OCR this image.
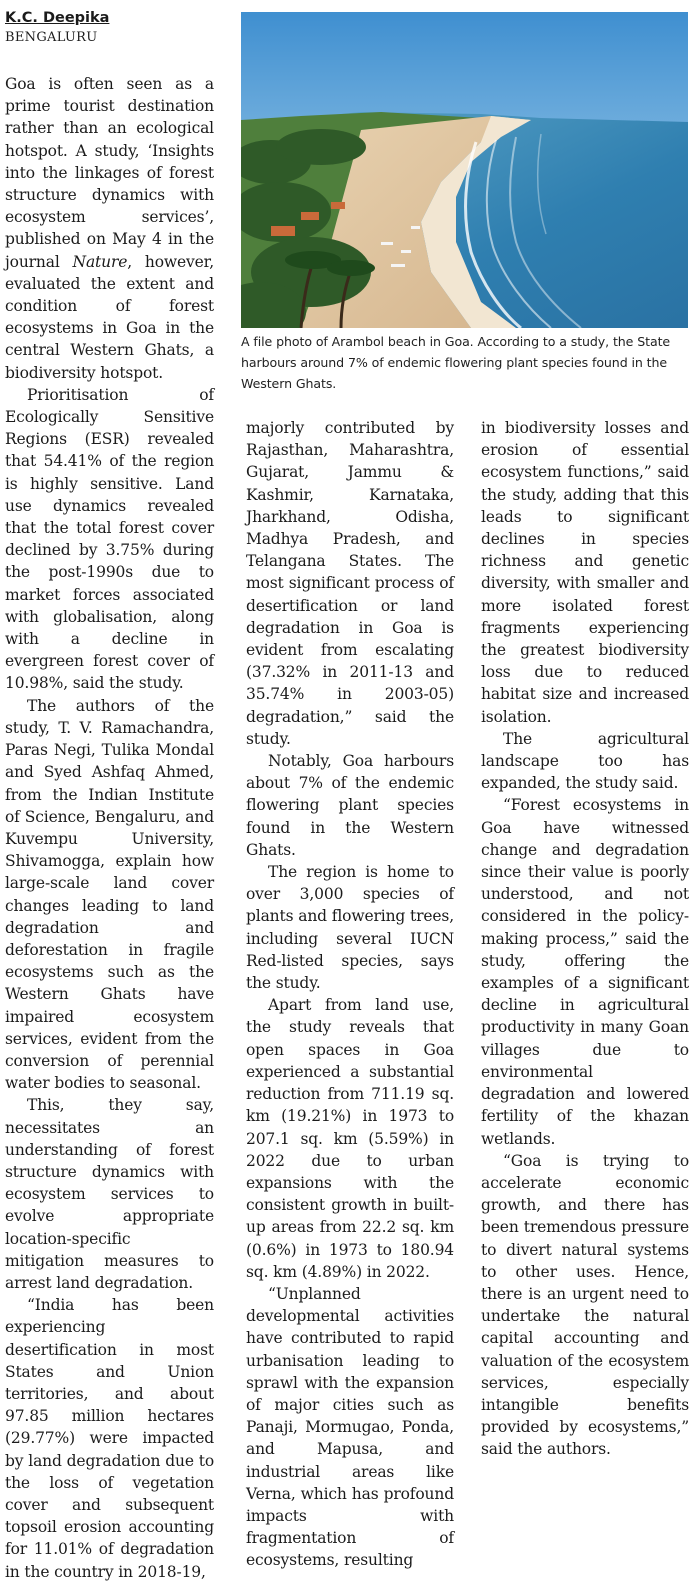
K.C. Deepika
BENGALURU
A file photo of Arambol beach in Goa. According to a study, the State harbours around 7% of endemic flowering plant species found in the Western Ghats.

Goa is often seen as a prime tourist destination rather than an ecological hotspot. A study, ‘Insights into the linkages of forest structure dynamics with ecosystem services’, published on May 4 in the journal Nature, however, evaluated the extent and condition of forest ecosystems in Goa in the central Western Ghats, a biodiversity hotspot.

Prioritisation of Ecologically Sensitive Regions (ESR) revealed that 54.41% of the region is highly sensitive. Land use dynamics revealed that the total forest cover declined by 3.75% during the post-1990s due to market forces associated with globalisation, along with a decline in evergreen forest cover of 10.98%, said the study.

The authors of the study, T. V. Ramachandra, Paras Negi, Tulika Mondal and Syed Ashfaq Ahmed, from the Indian Institute of Science, Bengaluru, and Kuvempu University, Shivamogga, explain how large-scale land cover changes leading to land degradation and deforestation in fragile ecosystems such as the Western Ghats have impaired ecosystem services, evident from the conversion of perennial water bodies to seasonal.

This, they say, necessitates an understanding of forest structure dynamics with ecosystem services to evolve appropriate location-specific mitigation measures to arrest land degradation.

“India has been experiencing desertification in most States and Union territories, and about 97.85 million hectares (29.77%) were impacted by land degradation due to the loss of vegetation cover and subsequent topsoil erosion accounting for 11.01% of degradation in the country in 2018-19,

majorly contributed by Rajasthan, Maharashtra, Gujarat, Jammu & Kashmir, Karnataka, Jharkhand, Odisha, Madhya Pradesh, and Telangana States. The most significant process of desertification or land degradation in Goa is evident from escalating (37.32% in 2011-13 and 35.74% in 2003-05) degradation,” said the study.

Notably, Goa harbours about 7% of the endemic flowering plant species found in the Western Ghats.

The region is home to over 3,000 species of plants and flowering trees, including several IUCN Red-listed species, says the study.

Apart from land use, the study reveals that open spaces in Goa experienced a substantial reduction from 711.19 sq. km (19.21%) in 1973 to 207.1 sq. km (5.59%) in 2022 due to urban expansions with the consistent growth in built-up areas from 22.2 sq. km (0.6%) in 1973 to 180.94 sq. km (4.89%) in 2022.

“Unplanned developmental activities have contributed to rapid urbanisation leading to sprawl with the expansion of major cities such as Panaji, Mormugao, Ponda, and Mapusa, and industrial areas like Verna, which has profound impacts with fragmentation of ecosystems, resulting

in biodiversity losses and erosion of essential ecosystem functions,” said the study, adding that this leads to significant declines in species richness and genetic diversity, with smaller and more isolated forest fragments experiencing the greatest biodiversity loss due to reduced habitat size and increased isolation.

The agricultural landscape too has expanded, the study said.

“Forest ecosystems in Goa have witnessed change and degradation since their value is poorly understood, and not considered in the policy-making process,” said the study, offering the examples of a significant decline in agricultural productivity in many Goan villages due to environmental degradation and lowered fertility of the khazan wetlands.

“Goa is trying to accelerate economic growth, and there has been tremendous pressure to divert natural systems to other uses. Hence, there is an urgent need to undertake the natural capital accounting and valuation of the ecosystem services, especially intangible benefits provided by ecosystems,” said the authors.
